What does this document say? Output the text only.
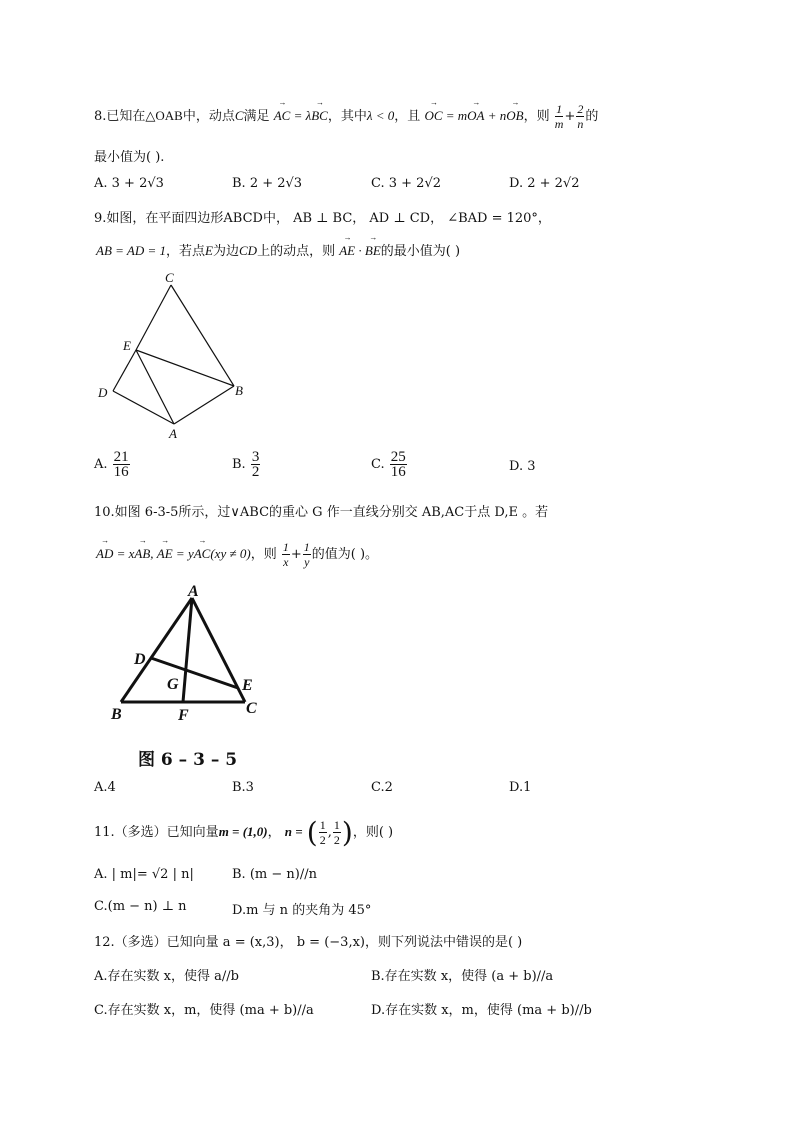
8.已知在△OAB中，动点C满足 → AC = λ→ BC，其中λ < 0，且 → OC = m→ OA + n→ OB，则 $\frac{1}{m} + \frac{2}{n}$ 的
最小值为( ).
A. 3 + 2√3	B. 2 + 2√3	C. 3 + 2√2	D. 2 + 2√2
9.如图，在平面四边形ABCD中， AB ⊥ BC， AD ⊥ CD， ∠BAD = 120°，
AB = AD = 1，若点E为边CD上的动点，则 → AE · → BE的最小值为( )
C
E
D	B
A
A. $\frac{21}{16}$	B. $\frac{3}{2}$	C. $\frac{25}{16}$	D. 3
10.如图 6-3-5所示，过∨ABC的重心 G 作一直线分别交 AB,AC于点 D,E 。若
→ AD = x→ AB, → AE = y→ AC(xy ≠ 0)，则 $\frac{1}{x} + \frac{1}{y}$ 的值为( )。
A
D
G	E
B	F	C
图 6 – 3 – 5
A.4	B.3	C.2	D.1
11.（多选）已知向量m = (1,0)， n = ( $\frac{1}{2}$ , $\frac{1}{2}$ )，则( )
A. | m|= √2 | n|	B. (m − n)//n
C.(m − n) ⊥ n	D.m 与 n 的夹角为 45°
12.（多选）已知向量 a = (x,3)， b = (−3,x)，则下列说法中错误的是( )
A.存在实数 x，使得 a//b	B.存在实数 x，使得 (a + b)//a
C.存在实数 x，m，使得 (ma + b)//a	D.存在实数 x，m，使得 (ma + b)//b
